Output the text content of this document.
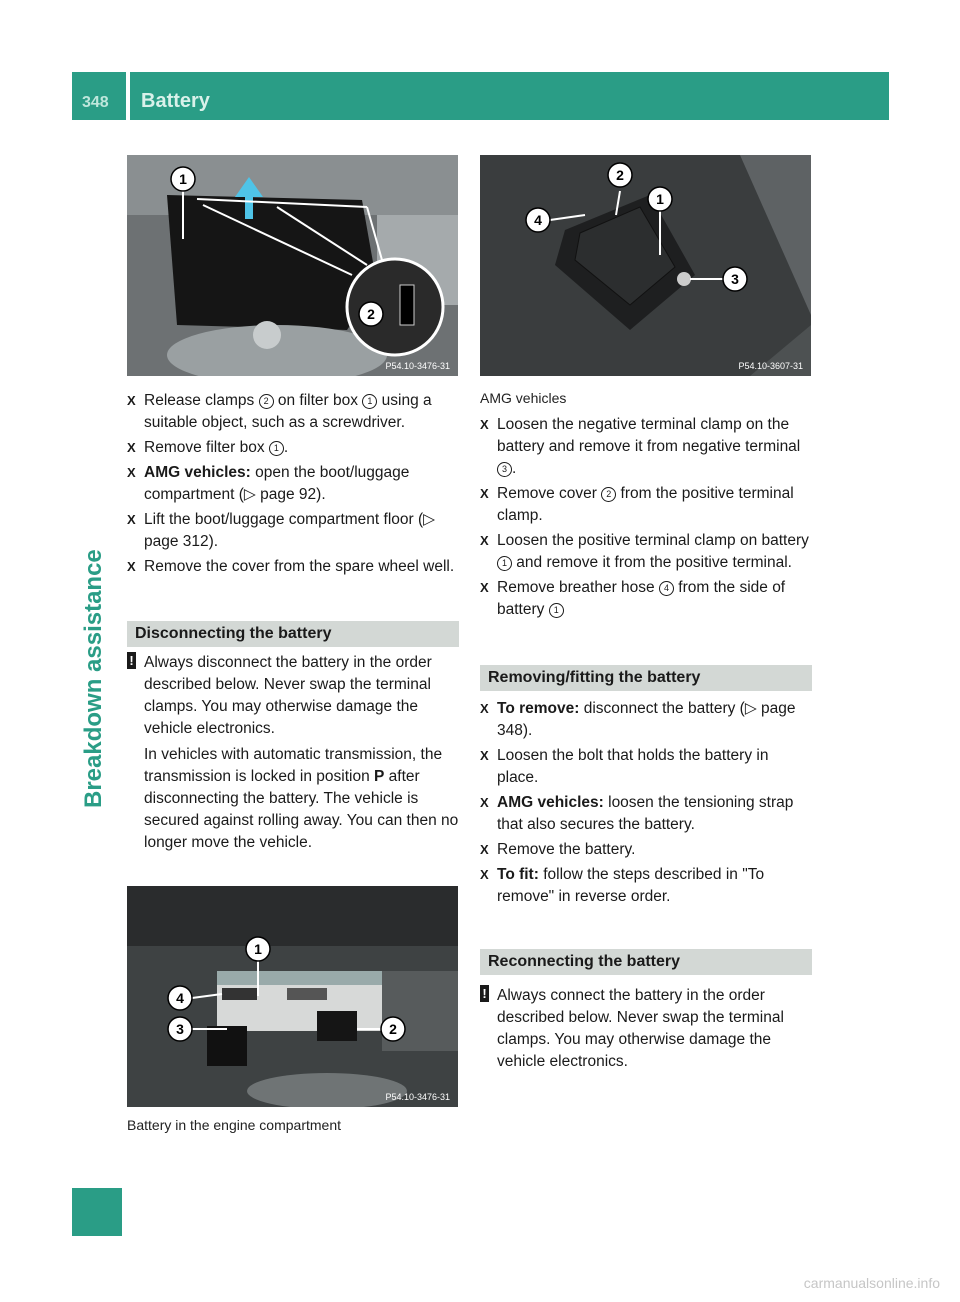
348 Battery
Breakdown assistance
1
2
P54.10-3476-31
2
1
4
3
P54.10-3607-31
X Release clamps 2 on filter box 1 using a suitable object, such as a screwdriver.
X Remove filter box 1 .
X AMG vehicles: open the boot/luggage compartment (▷ page 92).
X Lift the boot/luggage compartment floor (▷ page 312).
X Remove the cover from the spare wheel well.
Disconnecting the battery
! Always disconnect the battery in the order described below. Never swap the terminal clamps. You may otherwise damage the vehicle electronics.
In vehicles with automatic transmission, the transmission is locked in position P after disconnecting the battery. The vehicle is secured against rolling away. You can then no longer move the vehicle.
1
4
3	2
P54.10-3476-31
Battery in the engine compartment
AMG vehicles
X Loosen the negative terminal clamp on the battery and remove it from negative terminal 3 .
X Remove cover 2 from the positive terminal clamp.
X Loosen the positive terminal clamp on battery 1 and remove it from the positive terminal.
X Remove breather hose 4 from the side of battery 1
Removing/fitting the battery
X To remove: disconnect the battery (▷ page 348).
X Loosen the bolt that holds the battery in place.
X AMG vehicles: loosen the tensioning strap that also secures the battery.
X Remove the battery.
X To fit: follow the steps described in "To remove" in reverse order.
Reconnecting the battery
! Always connect the battery in the order described below. Never swap the terminal clamps. You may otherwise damage the vehicle electronics.
carmanualsonline.info
